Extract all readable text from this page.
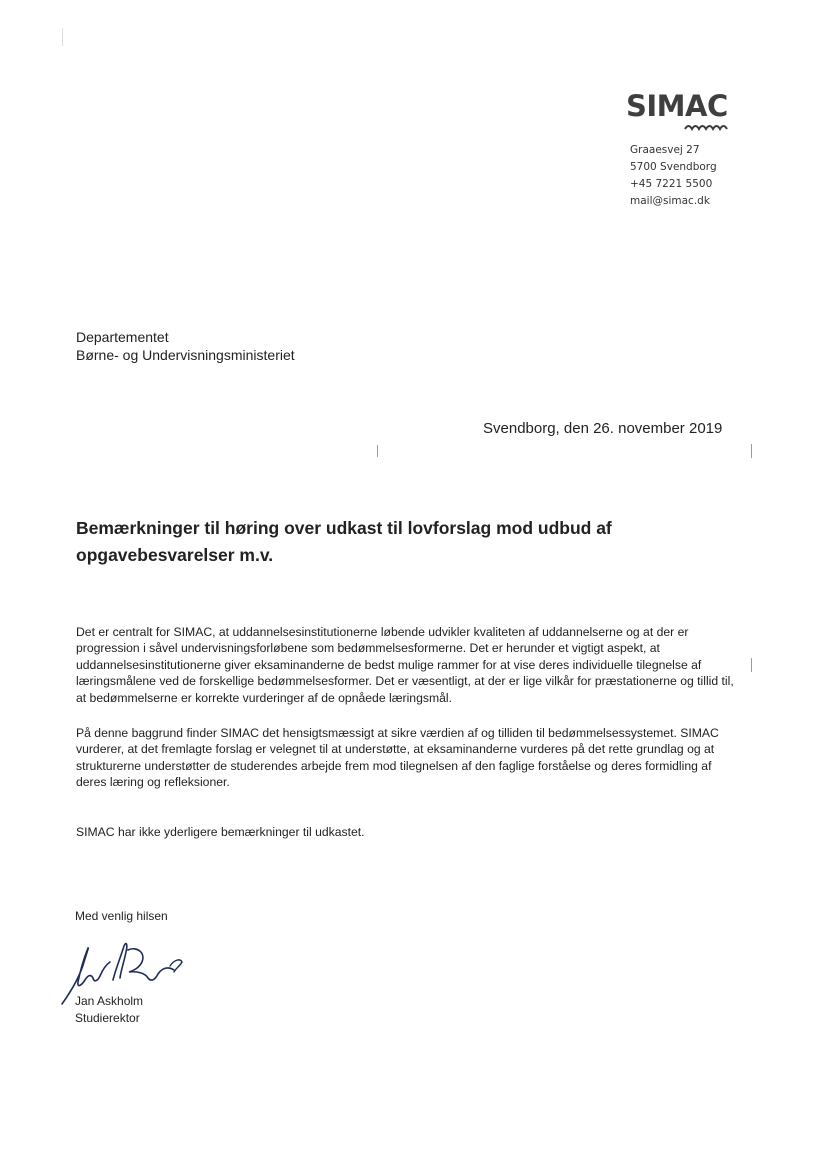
SIMAC
Graaesvej 27
5700 Svendborg
+45 7221 5500
mail@simac.dk
Departementet
Børne- og Undervisningsministeriet
Svendborg, den 26. november 2019
Bemærkninger til høring over udkast til lovforslag mod udbud af opgavebesvarelser m.v.
Det er centralt for SIMAC, at uddannelsesinstitutionerne løbende udvikler kvaliteten af uddannelserne og at der er progression i såvel undervisningsforløbene som bedømmelsesformerne. Det er herunder et vigtigt aspekt, at uddannelsesinstitutionerne giver eksaminanderne de bedst mulige rammer for at vise deres individuelle tilegnelse af læringsmålene ved de forskellige bedømmelsesformer. Det er væsentligt, at der er lige vilkår for præstationerne og tillid til, at bedømmelserne er korrekte vurderinger af de opnåede læringsmål.
På denne baggrund finder SIMAC det hensigtsmæssigt at sikre værdien af og tilliden til bedømmelsessystemet. SIMAC vurderer, at det fremlagte forslag er velegnet til at understøtte, at eksaminanderne vurderes på det rette grundlag og at strukturerne understøtter de studerendes arbejde frem mod tilegnelsen af den faglige forståelse og deres formidling af deres læring og refleksioner.
SIMAC har ikke yderligere bemærkninger til udkastet.
Med venlig hilsen
Jan Askholm
Studierektor
